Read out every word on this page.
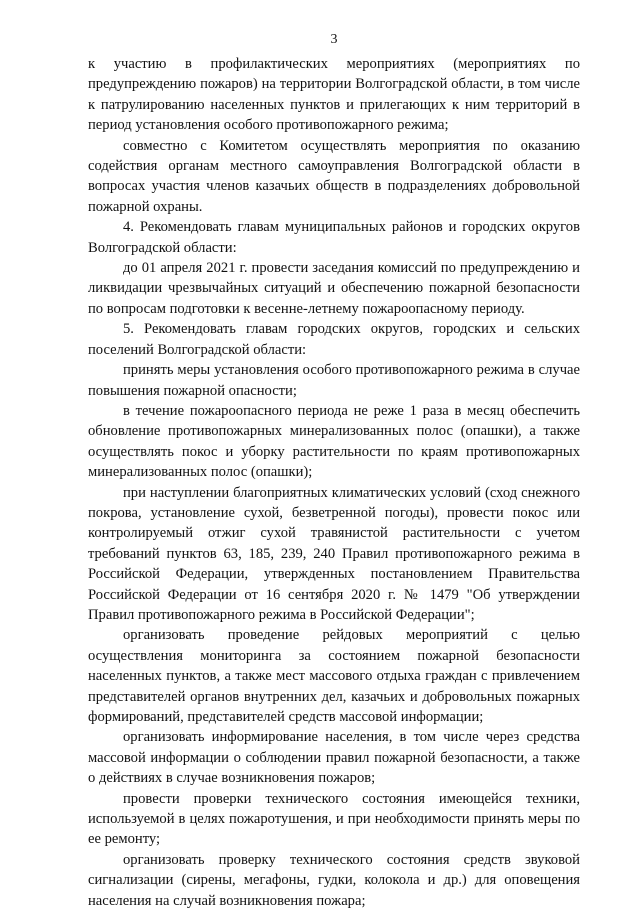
3

к участию в профилактических мероприятиях (мероприятиях по предупреждению пожаров) на территории Волгоградской области, в том числе к патрулированию населенных пунктов и прилегающих к ним территорий в период установления особого противопожарного режима;

совместно с Комитетом осуществлять мероприятия по оказанию содействия органам местного самоуправления Волгоградской области в вопросах участия членов казачьих обществ в подразделениях добровольной пожарной охраны.

4. Рекомендовать главам муниципальных районов и городских округов Волгоградской области:

до 01 апреля 2021 г. провести заседания комиссий по предупреждению и ликвидации чрезвычайных ситуаций и обеспечению пожарной безопасности по вопросам подготовки к весенне-летнему пожароопасному периоду.

5. Рекомендовать главам городских округов, городских и сельских поселений Волгоградской области:

принять меры установления особого противопожарного режима в случае повышения пожарной опасности;

в течение пожароопасного периода не реже 1 раза в месяц обеспечить обновление противопожарных минерализованных полос (опашки), а также осуществлять покос и уборку растительности по краям противопожарных минерализованных полос (опашки);

при наступлении благоприятных климатических условий (сход снежного покрова, установление сухой, безветренной погоды), провести покос или контролируемый отжиг сухой травянистой растительности с учетом требований пунктов 63, 185, 239, 240 Правил противопожарного режима в Российской Федерации, утвержденных постановлением Правительства Российской Федерации от 16 сентября 2020 г. № 1479 "Об утверждении Правил противопожарного режима в Российской Федерации";

организовать проведение рейдовых мероприятий с целью осуществления мониторинга за состоянием пожарной безопасности населенных пунктов, а также мест массового отдыха граждан с привлечением представителей органов внутренних дел, казачьих и добровольных пожарных формирований, представителей средств массовой информации;

организовать информирование населения, в том числе через средства массовой информации о соблюдении правил пожарной безопасности, а также о действиях в случае возникновения пожаров;

провести проверки технического состояния имеющейся техники, используемой в целях пожаротушения, и при необходимости принять меры по ее ремонту;

организовать проверку технического состояния средств звуковой сигнализации (сирены, мегафоны, гудки, колокола и др.) для оповещения населения на случай возникновения пожара;
